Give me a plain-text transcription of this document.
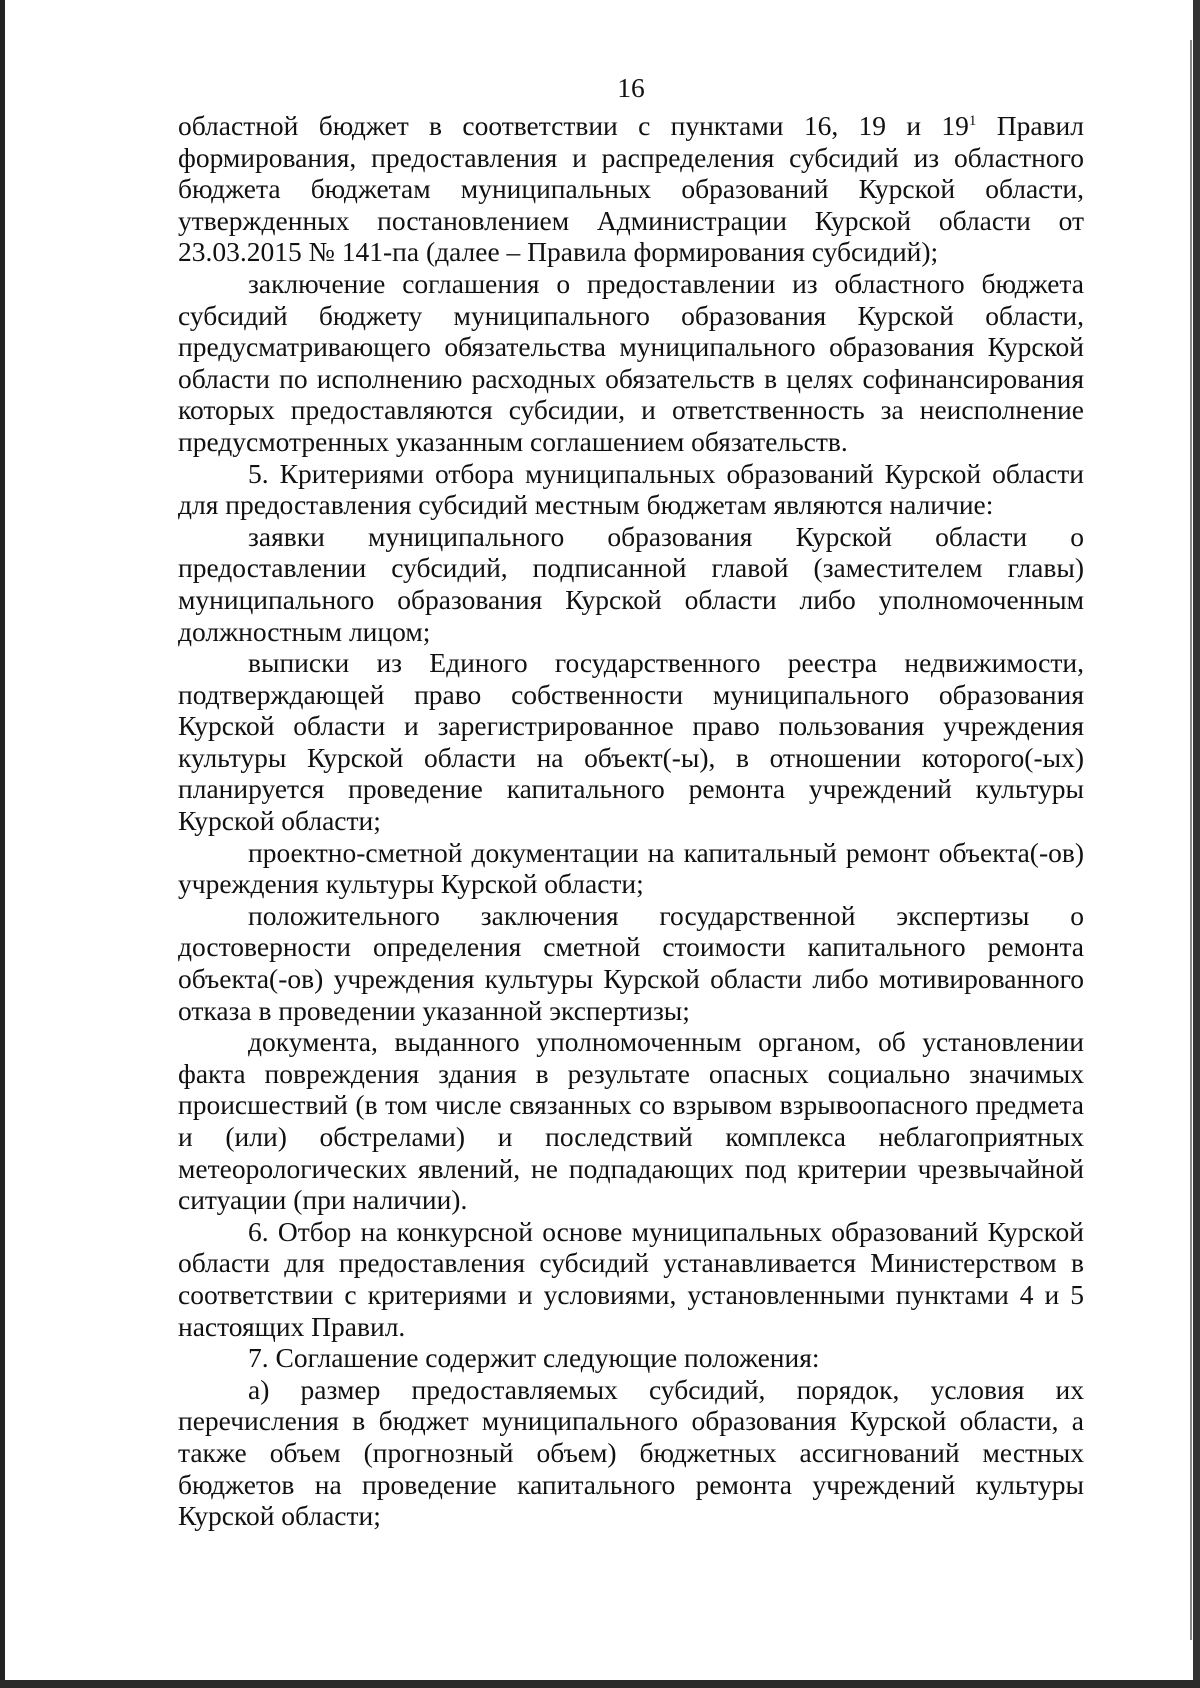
16

областной бюджет в соответствии с пунктами 16, 19 и $19^1$ Правил формирования, предоставления и распределения субсидий из областного бюджета бюджетам муниципальных образований Курской области, утвержденных постановлением Администрации Курской области от 23.03.2015 № 141-па (далее – Правила формирования субсидий);

заключение соглашения о предоставлении из областного бюджета субсидий бюджету муниципального образования Курской области, предусматривающего обязательства муниципального образования Курской области по исполнению расходных обязательств в целях софинансирования которых предоставляются субсидии, и ответственность за неисполнение предусмотренных указанным соглашением обязательств.

5. Критериями отбора муниципальных образований Курской области для предоставления субсидий местным бюджетам являются наличие:

заявки муниципального образования Курской области о предоставлении субсидий, подписанной главой (заместителем главы) муниципального образования Курской области либо уполномоченным должностным лицом;

выписки из Единого государственного реестра недвижимости, подтверждающей право собственности муниципального образования Курской области и зарегистрированное право пользования учреждения культуры Курской области на объект(-ы), в отношении которого(-ых) планируется проведение капитального ремонта учреждений культуры Курской области;

проектно-сметной документации на капитальный ремонт объекта(-ов) учреждения культуры Курской области;

положительного заключения государственной экспертизы о достоверности определения сметной стоимости капитального ремонта объекта(-ов) учреждения культуры Курской области либо мотивированного отказа в проведении указанной экспертизы;

документа, выданного уполномоченным органом, об установлении факта повреждения здания в результате опасных социально значимых происшествий (в том числе связанных со взрывом взрывоопасного предмета и (или) обстрелами) и последствий комплекса неблагоприятных метеорологических явлений, не подпадающих под критерии чрезвычайной ситуации (при наличии).

6. Отбор на конкурсной основе муниципальных образований Курской области для предоставления субсидий устанавливается Министерством в соответствии с критериями и условиями, установленными пунктами 4 и 5 настоящих Правил.

7. Соглашение содержит следующие положения:

а) размер предоставляемых субсидий, порядок, условия их перечисления в бюджет муниципального образования Курской области, а также объем (прогнозный объем) бюджетных ассигнований местных бюджетов на проведение капитального ремонта учреждений культуры Курской области;
